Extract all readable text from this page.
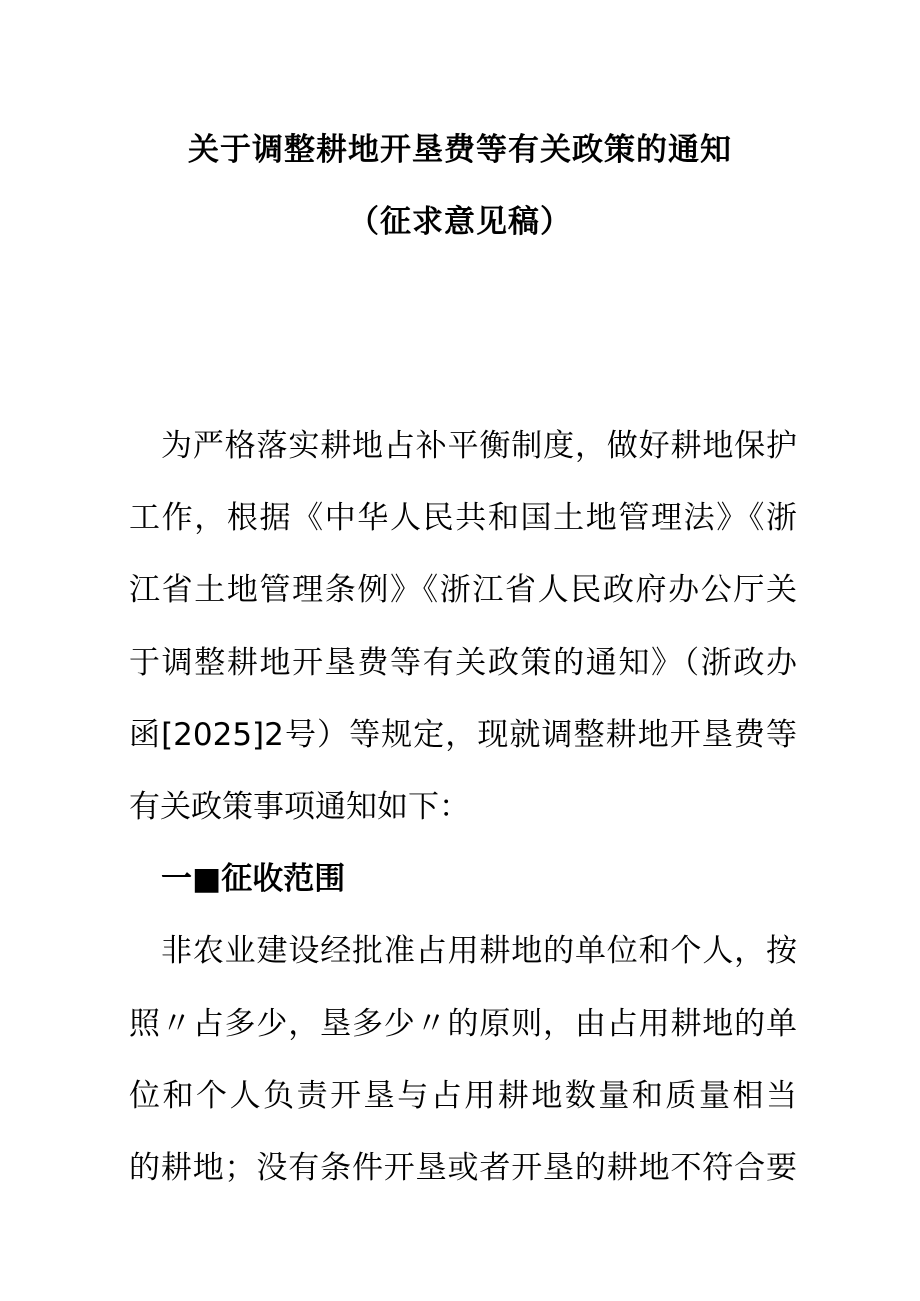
关于调整耕地开垦费等有关政策的通知
（征求意见稿）
为严格落实耕地占补平衡制度，做好耕地保护
工作，根据《中华人民共和国土地管理法》《浙
江省土地管理条例》《浙江省人民政府办公厅关
于调整耕地开垦费等有关政策的通知》（浙政办
函[2025]2号）等规定，现就调整耕地开垦费等
有关政策事项通知如下：
一■征收范围
非农业建设经批准占用耕地的单位和个人，按
照〃占多少，垦多少〃的原则，由占用耕地的单
位和个人负责开垦与占用耕地数量和质量相当
的耕地；没有条件开垦或者开垦的耕地不符合要
